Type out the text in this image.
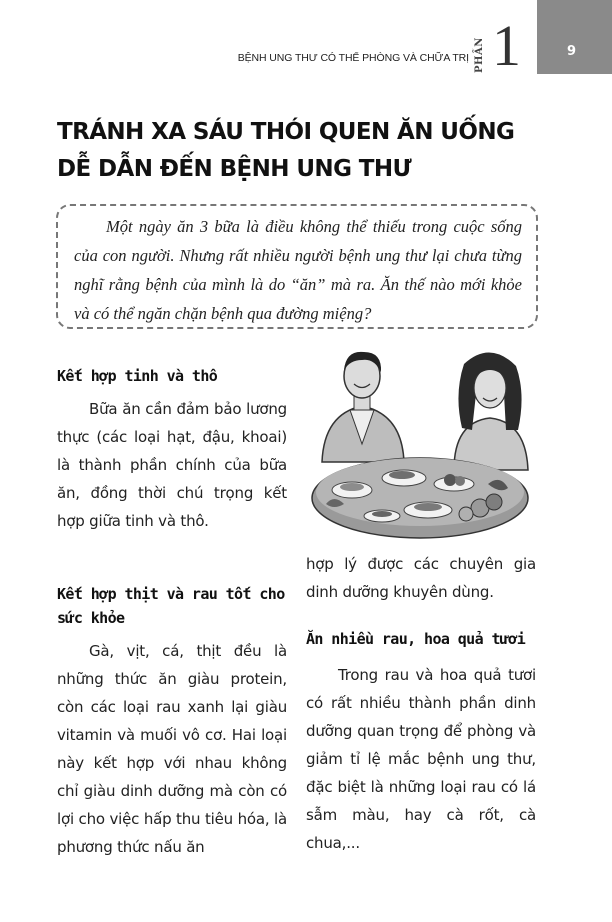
BỆNH UNG THƯ CÓ THỂ PHÒNG VÀ CHỮA TRỊ PHẦN 1	9
TRÁNH XA SÁU THÓI QUEN ĂN UỐNG
DỄ DẪN ĐẾN BỆNH UNG THƯ

Một ngày ăn 3 bữa là điều không thể thiếu trong cuộc sống của con người. Nhưng rất nhiều người bệnh ung thư lại chưa từng nghĩ rằng bệnh của mình là do “ăn” mà ra. Ăn thế nào mới khỏe và có thể ngăn chặn bệnh qua đường miệng?

Kết hợp tinh và thô

Bữa ăn cần đảm bảo lương thực (các loại hạt, đậu, khoai) là thành phần chính của bữa ăn, đồng thời chú trọng kết hợp giữa tinh và thô.

Kết hợp thịt và rau tốt cho
sức khỏe

Gà, vịt, cá, thịt đều là những thức ăn giàu protein, còn các loại rau xanh lại giàu vitamin và muối vô cơ. Hai loại này kết hợp với nhau không chỉ giàu dinh dưỡng mà còn có lợi cho việc hấp thu tiêu hóa, là phương thức nấu ăn

hợp lý được các chuyên gia dinh dưỡng khuyên dùng.

Ăn nhiều rau, hoa quả tươi

Trong rau và hoa quả tươi có rất nhiều thành phần dinh dưỡng quan trọng để phòng và giảm tỉ lệ mắc bệnh ung thư, đặc biệt là những loại rau có lá sẫm màu, hay cà rốt, cà chua,...
